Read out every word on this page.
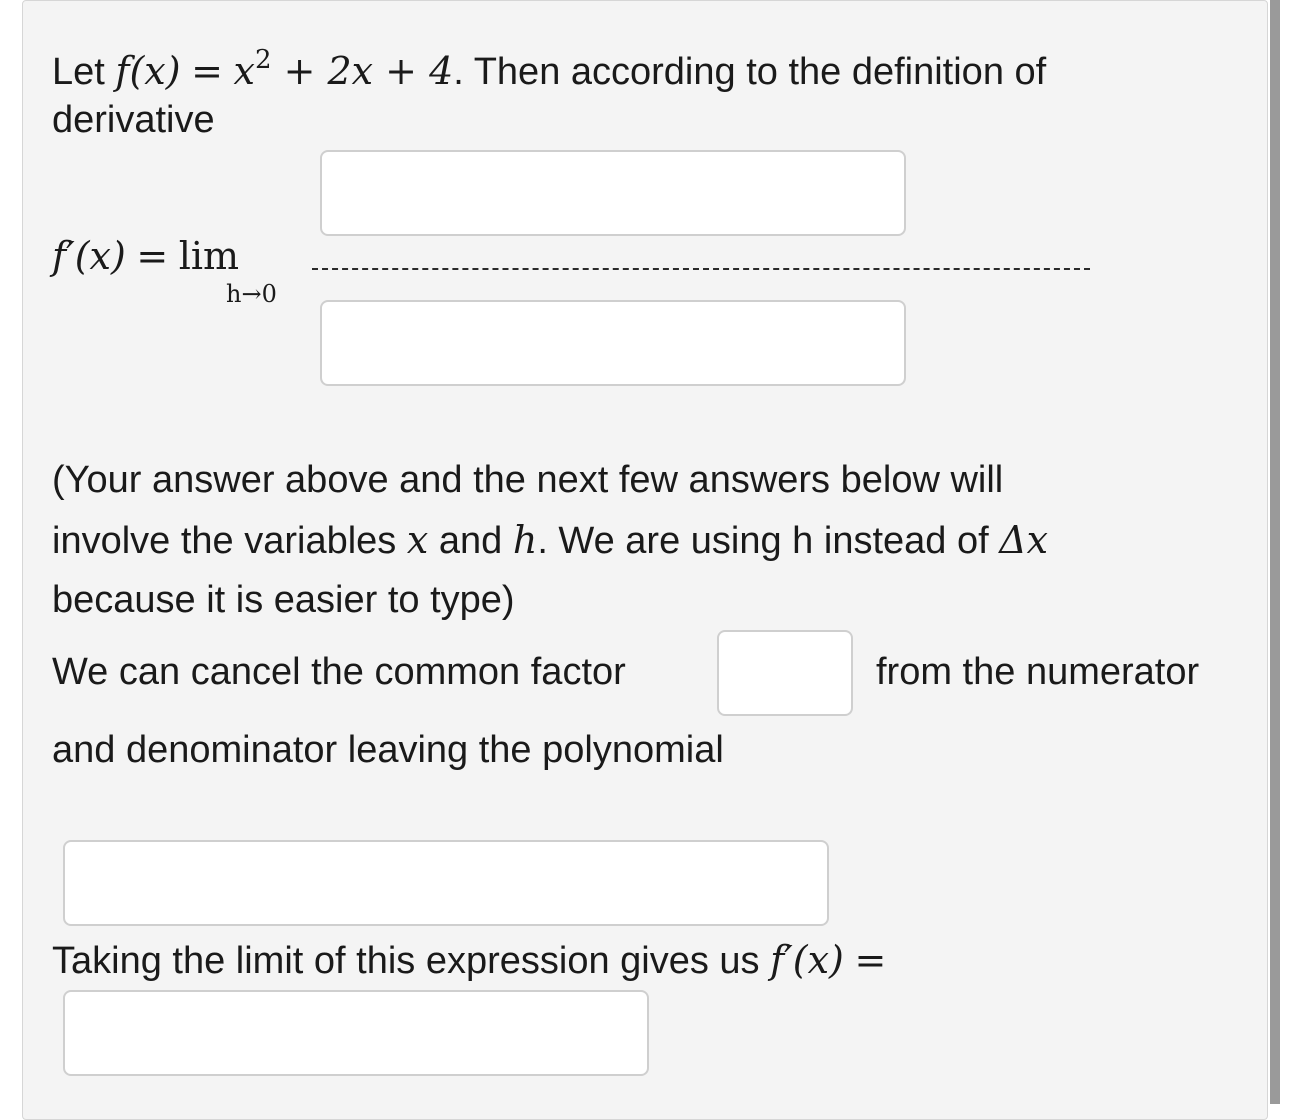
Let $f(x) = x^2 + 2x + 4$. Then according to the definition of
derivative
f′(x) = lim
h→0
(Your answer above and the next few answers below will
involve the variables x and h. We are using h instead of Δx
because it is easier to type)
We can cancel the common factor	from the numerator
and denominator leaving the polynomial
Taking the limit of this expression gives us f′(x) =
